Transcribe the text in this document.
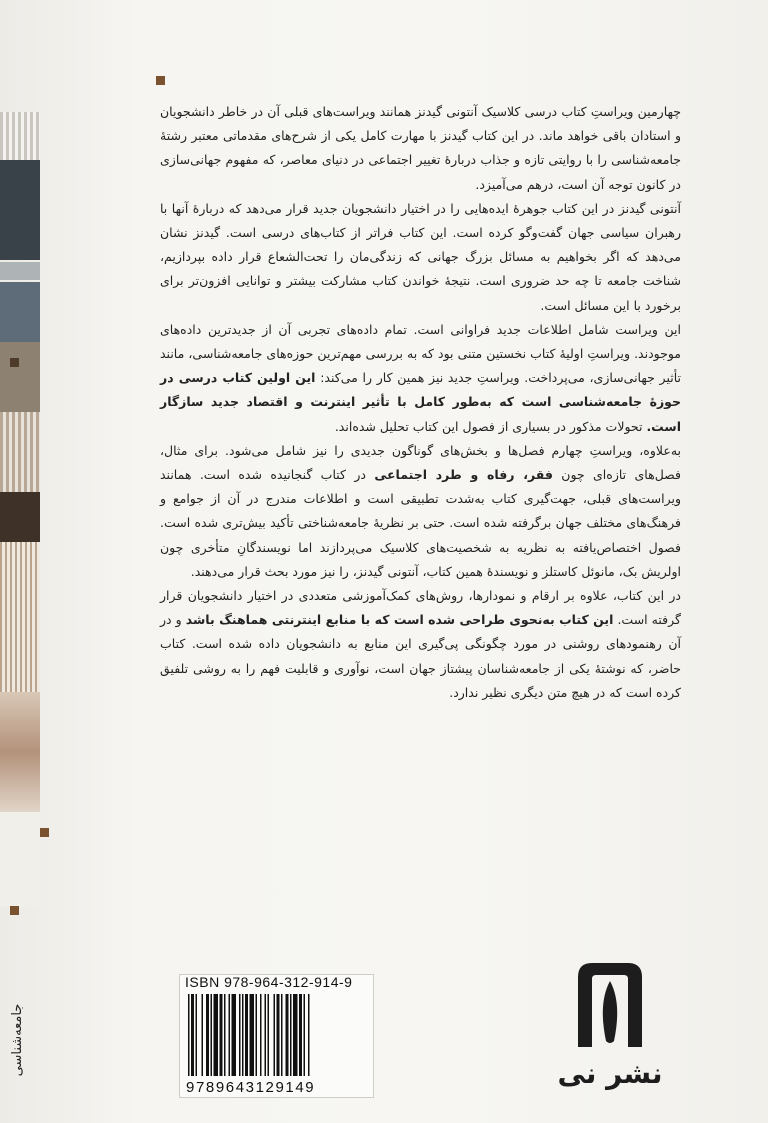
چهارمین ویراستِ کتاب درسی کلاسیک آنتونی گیدنز همانند ویراست‌های قبلی آن در خاطر دانشجویان و استادان باقی خواهد ماند. در این کتاب گیدنز با مهارت کامل یکی از شرح‌های مقدماتی معتبر رشتهٔ جامعه‌شناسی را با روایتی تازه و جذاب دربارهٔ تغییر اجتماعی در دنیای معاصر، که مفهوم جهانی‌سازی در کانون توجه آن است، درهم می‌آمیزد.

آنتونی گیدنز در این کتاب جوهرهٔ ایده‌هایی را در اختیار دانشجویان جدید قرار می‌دهد که دربارهٔ آنها با رهبران سیاسی جهان گفت‌وگو کرده است. این کتاب فراتر از کتاب‌های درسی است. گیدنز نشان می‌دهد که اگر بخواهیم به مسائل بزرگ جهانی که زندگی‌مان را تحت‌الشعاع قرار داده بپردازیم، شناخت جامعه تا چه حد ضروری است. نتیجهٔ خواندن کتاب مشارکت بیشتر و توانایی افزون‌تر برای برخورد با این مسائل است.

این ویراست شامل اطلاعات جدید فراوانی است. تمام داده‌های تجربی آن از جدیدترین داده‌های موجودند. ویراستِ اولیهٔ کتاب نخستین متنی بود که به بررسی مهم‌ترین حوزه‌های جامعه‌شناسی، مانند تأثیر جهانی‌سازی، می‌پرداخت. ویراستِ جدید نیز همین کار را می‌کند: این اولین کتاب درسی در حوزهٔ جامعه‌شناسی است که به‌طور کامل با تأثیر اینترنت و اقتصاد جدید سازگار است. تحولات مذکور در بسیاری از فصول این کتاب تحلیل شده‌اند.

به‌علاوه، ویراستِ چهارم فصل‌ها و بخش‌های گوناگون جدیدی را نیز شامل می‌شود. برای مثال، فصل‌های تازه‌ای چون فقر، رفاه و طرد اجتماعی در کتاب گنجانیده شده است. همانند ویراست‌های قبلی، جهت‌گیری کتاب به‌شدت تطبیقی است و اطلاعات مندرج در آن از جوامع و فرهنگ‌های مختلف جهان برگرفته شده است. حتی بر نظریهٔ جامعه‌شناختی تأکید بیش‌تری شده است. فصول اختصاص‌یافته به نظریه به شخصیت‌های کلاسیک می‌پردازند اما نویسندگانِ متأخری چون اولریش بک، مانوئل کاستلز و نویسندهٔ همین کتاب، آنتونی گیدنز، را نیز مورد بحث قرار می‌دهند.

در این کتاب، علاوه بر ارقام و نمودارها، روش‌های کمک‌آموزشی متعددی در اختیار دانشجویان قرار گرفته است. این کتاب به‌نحوی طراحی شده است که با منابع اینترنتی هماهنگ باشد و در آن رهنمودهای روشنی در مورد چگونگی پی‌گیری این منابع به دانشجویان داده شده است. کتاب حاضر، که نوشتهٔ یکی از جامعه‌شناسان پیشتاز جهان است، نوآوری و قابلیت فهم را به روشی تلفیق کرده است که در هیچ متن دیگری نظیر ندارد.

ISBN 978-964-312-914-9
9789643129149
جامعه‌شناسی	نشر نی
